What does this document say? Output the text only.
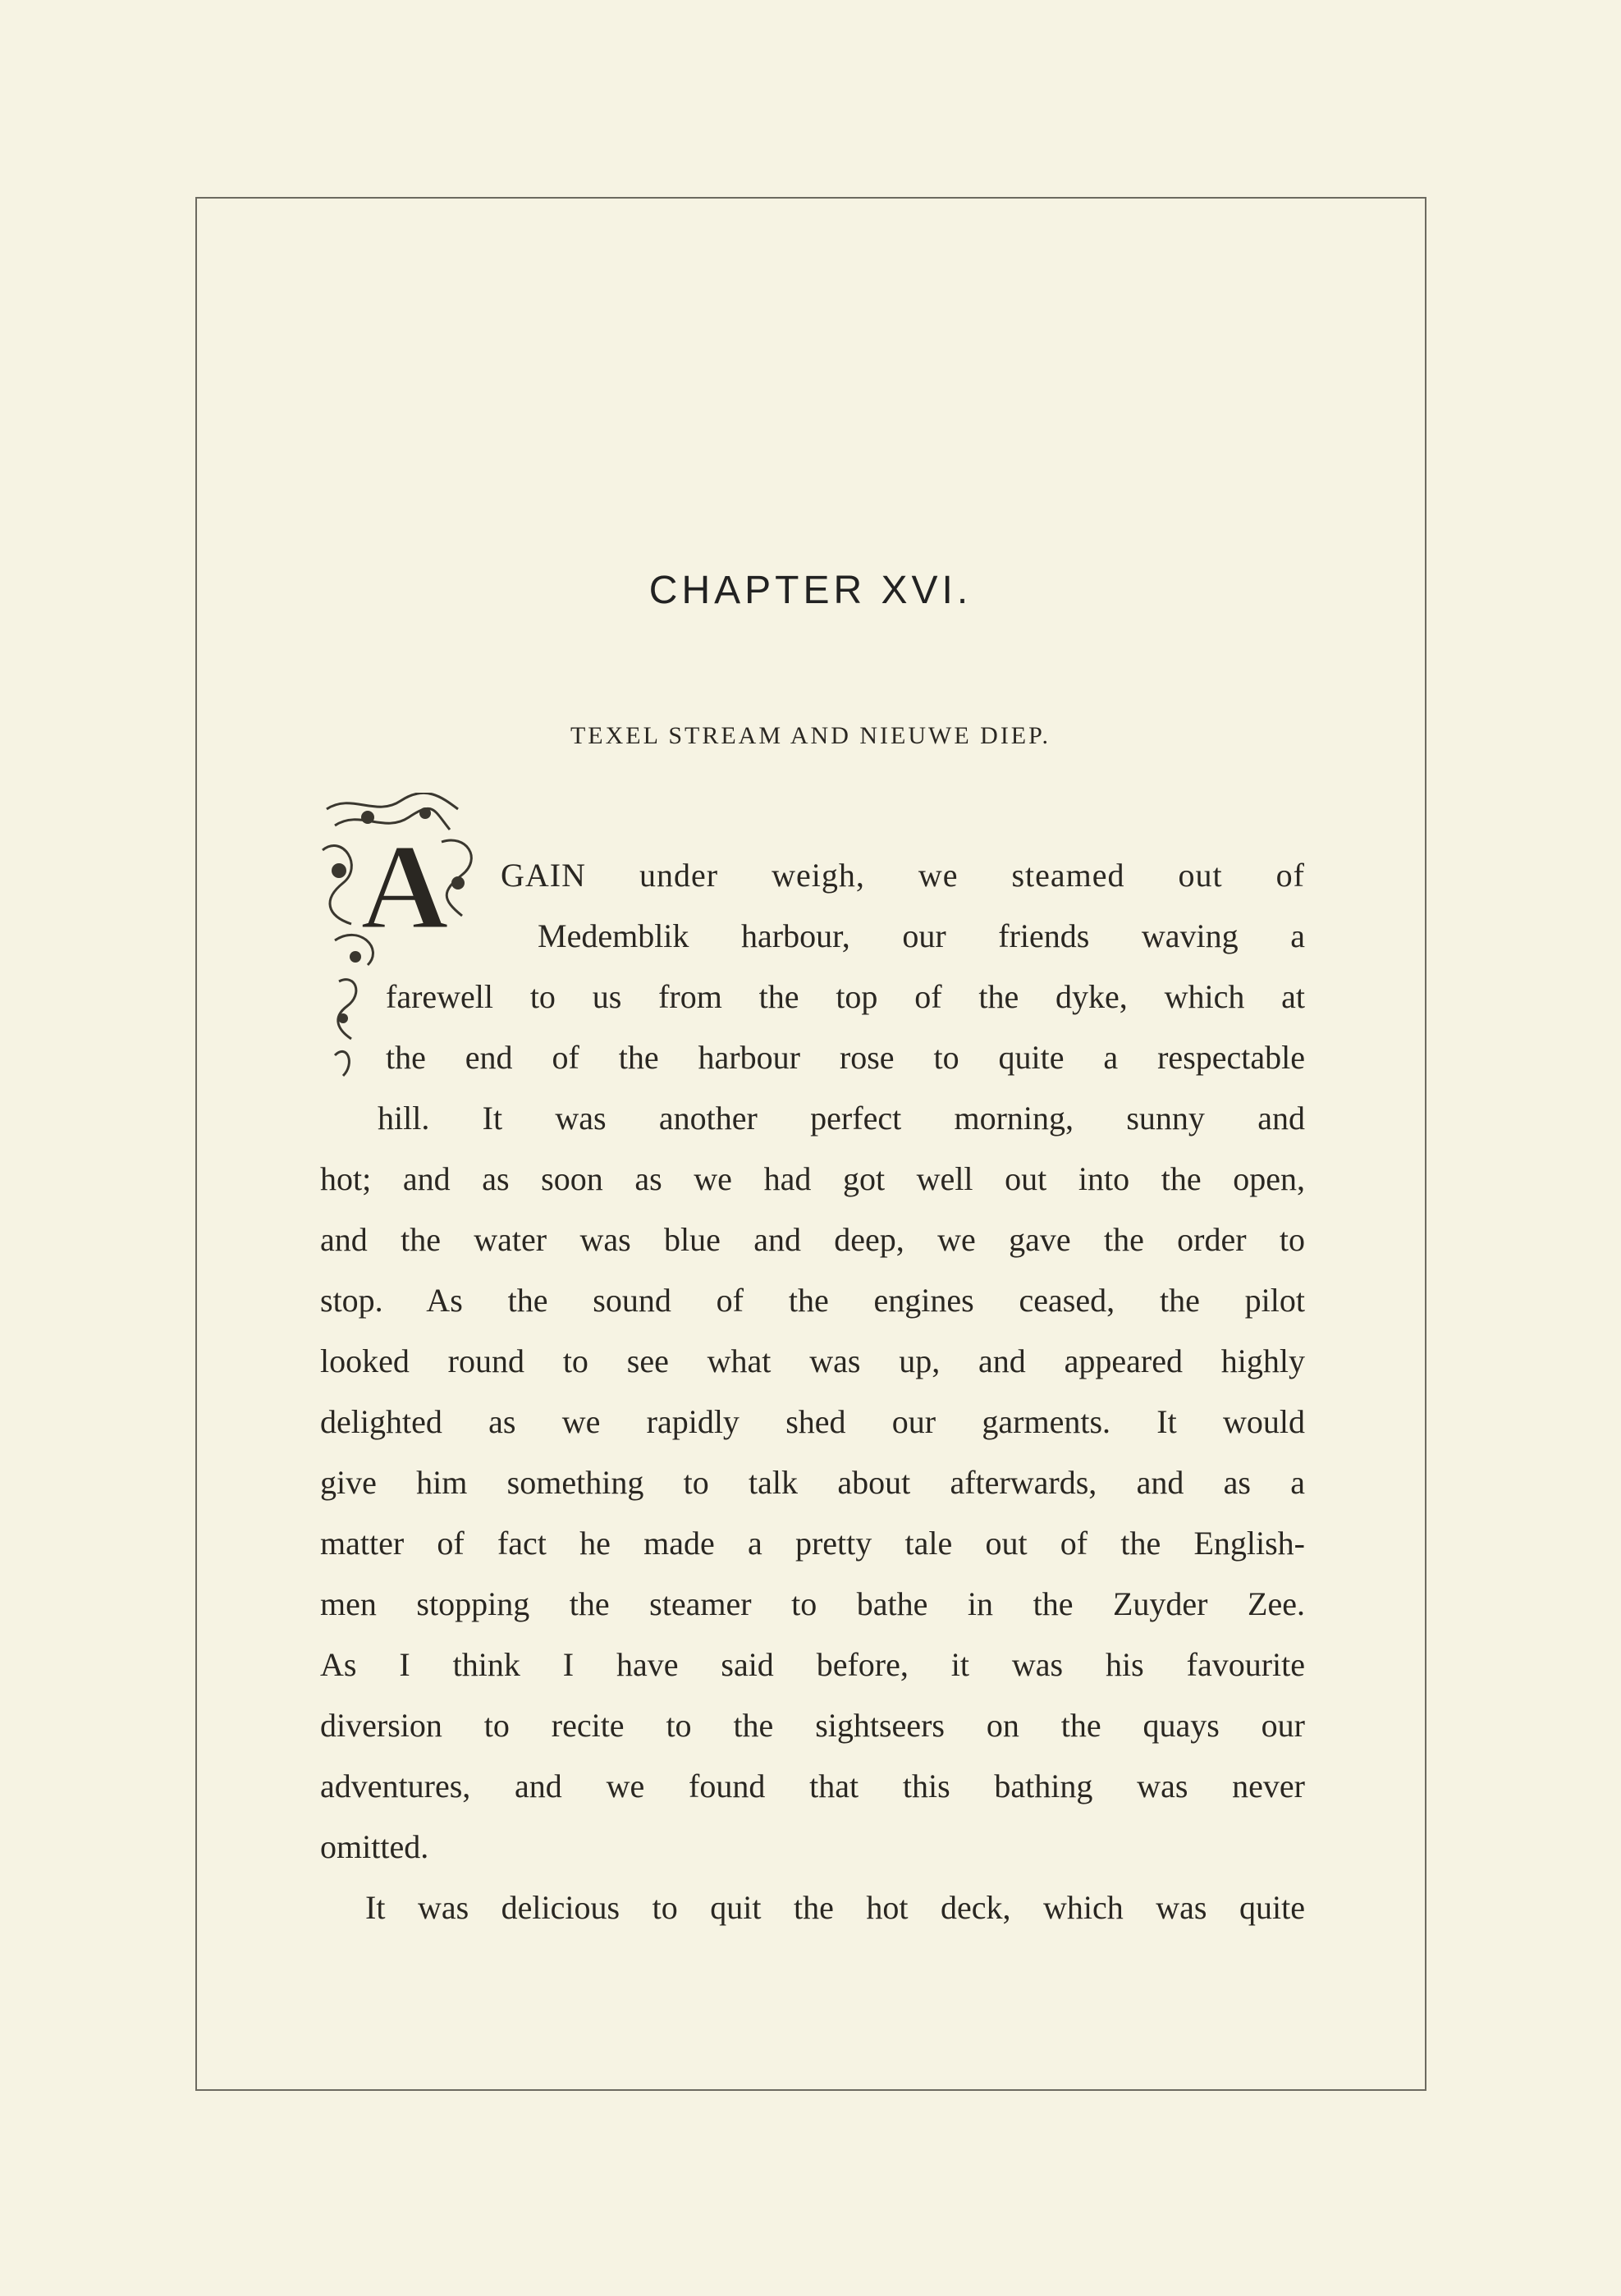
CHAPTER XVI.
TEXEL STREAM AND NIEUWE DIEP.
A GAIN under weigh, we steamed out of
Medemblik harbour, our friends waving a
farewell to us from the top of the dyke, which at
the end of the harbour rose to quite a respectable
hill. It was another perfect morning, sunny and
hot; and as soon as we had got well out into the open,
and the water was blue and deep, we gave the order to
stop. As the sound of the engines ceased, the pilot
looked round to see what was up, and appeared highly
delighted as we rapidly shed our garments. It would
give him something to talk about afterwards, and as a
matter of fact he made a pretty tale out of the English-
men stopping the steamer to bathe in the Zuyder Zee.
As I think I have said before, it was his favourite
diversion to recite to the sightseers on the quays our
adventures, and we found that this bathing was never
omitted.
It was delicious to quit the hot deck, which was quite
